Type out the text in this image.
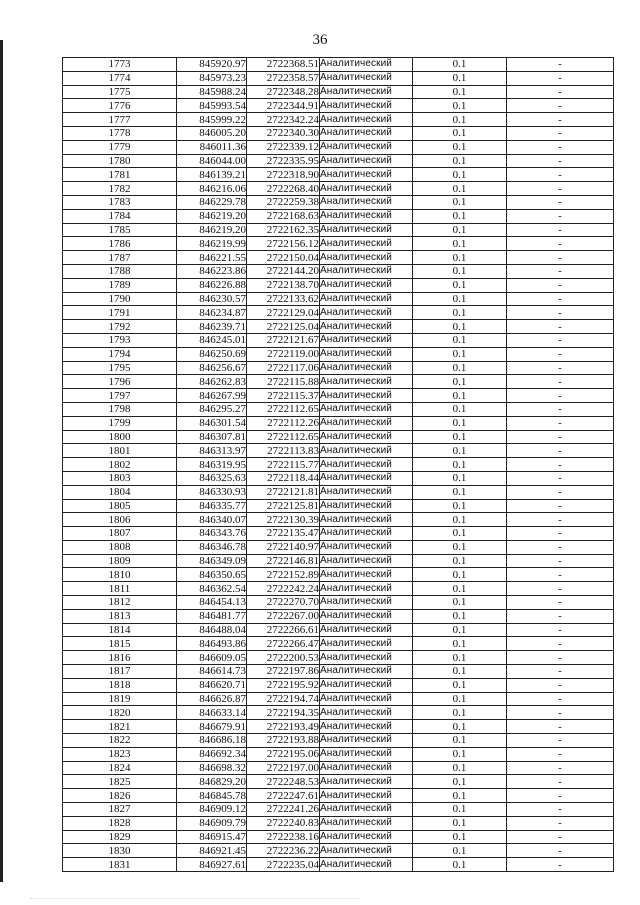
36
1773	845920.97	2722368.51	Аналитический	0.1	-
1774	845973.23	2722358.57	Аналитический	0.1	-
1775	845988.24	2722348.28	Аналитический	0.1	-
1776	845993.54	2722344.91	Аналитический	0.1	-
1777	845999.22	2722342.24	Аналитический	0.1	-
1778	846005.20	2722340.30	Аналитический	0.1	-
1779	846011.36	2722339.12	Аналитический	0.1	-
1780	846044.00	2722335.95	Аналитический	0.1	-
1781	846139.21	2722318.90	Аналитический	0.1	-
1782	846216.06	2722268.40	Аналитический	0.1	-
1783	846229.78	2722259.38	Аналитический	0.1	-
1784	846219.20	2722168.63	Аналитический	0.1	-
1785	846219.20	2722162.35	Аналитический	0.1	-
1786	846219.99	2722156.12	Аналитический	0.1	-
1787	846221.55	2722150.04	Аналитический	0.1	-
1788	846223.86	2722144.20	Аналитический	0.1	-
1789	846226.88	2722138.70	Аналитический	0.1	-
1790	846230.57	2722133.62	Аналитический	0.1	-
1791	846234.87	2722129.04	Аналитический	0.1	-
1792	846239.71	2722125.04	Аналитический	0.1	-
1793	846245.01	2722121.67	Аналитический	0.1	-
1794	846250.69	2722119.00	Аналитический	0.1	-
1795	846256.67	2722117.06	Аналитический	0.1	-
1796	846262.83	2722115.88	Аналитический	0.1	-
1797	846267.99	2722115.37	Аналитический	0.1	-
1798	846295.27	2722112.65	Аналитический	0.1	-
1799	846301.54	2722112.26	Аналитический	0.1	-
1800	846307.81	2722112.65	Аналитический	0.1	-
1801	846313.97	2722113.83	Аналитический	0.1	-
1802	846319.95	2722115.77	Аналитический	0.1	-
1803	846325.63	2722118.44	Аналитический	0.1	-
1804	846330.93	2722121.81	Аналитический	0.1	-
1805	846335.77	2722125.81	Аналитический	0.1	-
1806	846340.07	2722130.39	Аналитический	0.1	-
1807	846343.76	2722135.47	Аналитический	0.1	-
1808	846346.78	2722140.97	Аналитический	0.1	-
1809	846349.09	2722146.81	Аналитический	0.1	-
1810	846350.65	2722152.89	Аналитический	0.1	-
1811	846362.54	2722242.24	Аналитический	0.1	-
1812	846454.13	2722270.70	Аналитический	0.1	-
1813	846481.77	2722267.00	Аналитический	0.1	-
1814	846488.04	2722266.61	Аналитический	0.1	-
1815	846493.86	2722266.47	Аналитический	0.1	-
1816	846609.05	2722200.53	Аналитический	0.1	-
1817	846614.73	2722197.86	Аналитический	0.1	-
1818	846620.71	2722195.92	Аналитический	0.1	-
1819	846626.87	2722194.74	Аналитический	0.1	-
1820	846633.14	2722194.35	Аналитический	0.1	-
1821	846679.91	2722193.49	Аналитический	0.1	-
1822	846686.18	2722193.88	Аналитический	0.1	-
1823	846692.34	2722195.06	Аналитический	0.1	-
1824	846698.32	2722197.00	Аналитический	0.1	-
1825	846829.20	2722248.53	Аналитический	0.1	-
1826	846845.78	2722247.61	Аналитический	0.1	-
1827	846909.12	2722241.26	Аналитический	0.1	-
1828	846909.79	2722240.83	Аналитический	0.1	-
1829	846915.47	2722238.16	Аналитический	0.1	-
1830	846921.45	2722236.22	Аналитический	0.1	-
1831	846927.61	2722235.04	Аналитический	0.1	-
